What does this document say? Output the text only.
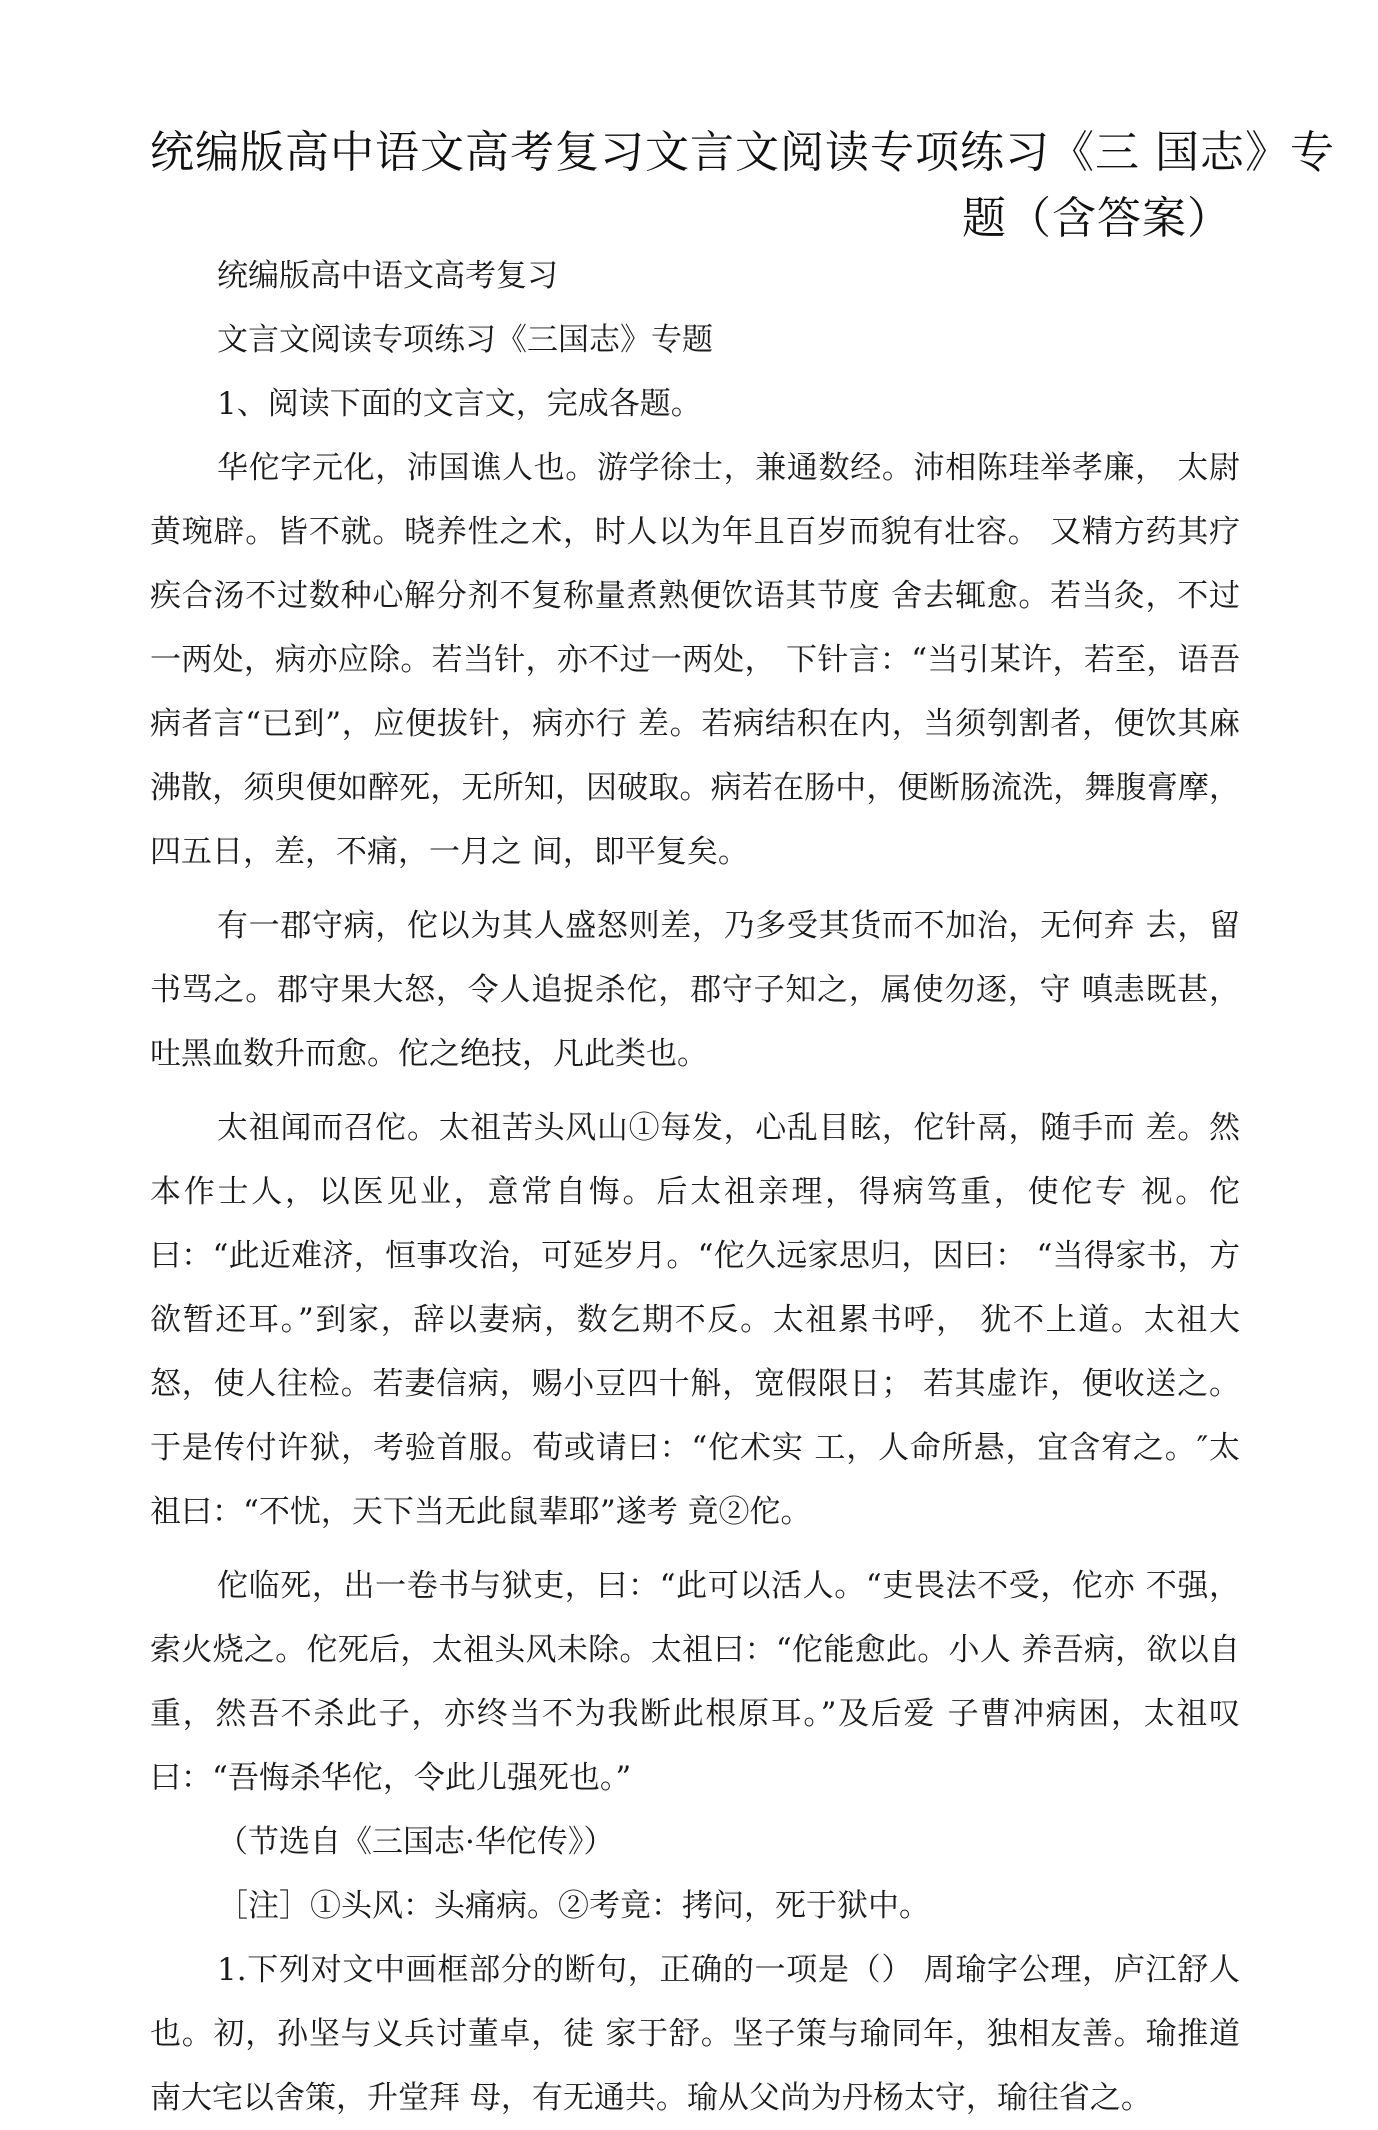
统编版高中语文高考复习文言文阅读专项练习《三 国志》专
题（含答案）

统编版高中语文高考复习

文言文阅读专项练习《三国志》专题

1、阅读下面的文言文，完成各题。

华佗字元化，沛国谯人也。游学徐士，兼通数经。沛相陈珪举孝廉， 太尉黄琬辟。皆不就。晓养性之术，时人以为年且百岁而貌有壮容。 又精方药其疗疾合汤不过数种心解分剂不复称量煮熟便饮语其节度 舍去辄愈。若当灸，不过一两处，病亦应除。若当针，亦不过一两处， 下针言：“当引某许，若至，语吾病者言“已到”，应便拔针，病亦行 差。若病结积在内，当须刳割者，便饮其麻沸散，须臾便如醉死，无所知，因破取。病若在肠中，便断肠流洗，舞腹膏摩，四五日，差，不痛，一月之 间，即平复矣。

有一郡守病，佗以为其人盛怒则差，乃多受其货而不加治，无何弃 去，留书骂之。郡守果大怒，令人追捉杀佗，郡守子知之，属使勿逐，守 嗔恚既甚，吐黑血数升而愈。佗之绝技，凡此类也。

太祖闻而召佗。太祖苦头风山①每发，心乱目眩，佗针鬲，随手而 差。然本作士人，以医见业，意常自悔。后太祖亲理，得病笃重，使佗专 视。佗曰：“此近难济，恒事攻治，可延岁月。“佗久远家思归，因曰： “当得家书，方欲暂还耳。”到家，辞以妻病，数乞期不反。太祖累书呼， 犹不上道。太祖大怒，使人往检。若妻信病，赐小豆四十斛，宽假限日； 若其虚诈，便收送之。于是传付许狱，考验首服。荀或请曰：“佗术实 工，人命所悬，宜含宥之。″太祖曰：“不忧，天下当无此鼠辈耶”遂考 竟②佗。

佗临死，出一卷书与狱吏，曰：“此可以活人。“吏畏法不受，佗亦 不强，索火烧之。佗死后，太祖头风未除。太祖曰：“佗能愈此。小人 养吾病，欲以自重，然吾不杀此子，亦终当不为我断此根原耳。”及后爱 子曹冲病困，太祖叹曰：“吾悔杀华佗，令此儿强死也。”

（节选自《三国志·华佗传》）

［注］①头风：头痛病。②考竟：拷问，死于狱中。

1.下列对文中画框部分的断句，正确的一项是（） 周瑜字公理，庐江舒人也。初，孙坚与义兵讨董卓，徒 家于舒。坚子策与瑜同年，独相友善。瑜推道南大宅以舍策，升堂拜 母，有无通共。瑜从父尚为丹杨太守，瑜往省之。
